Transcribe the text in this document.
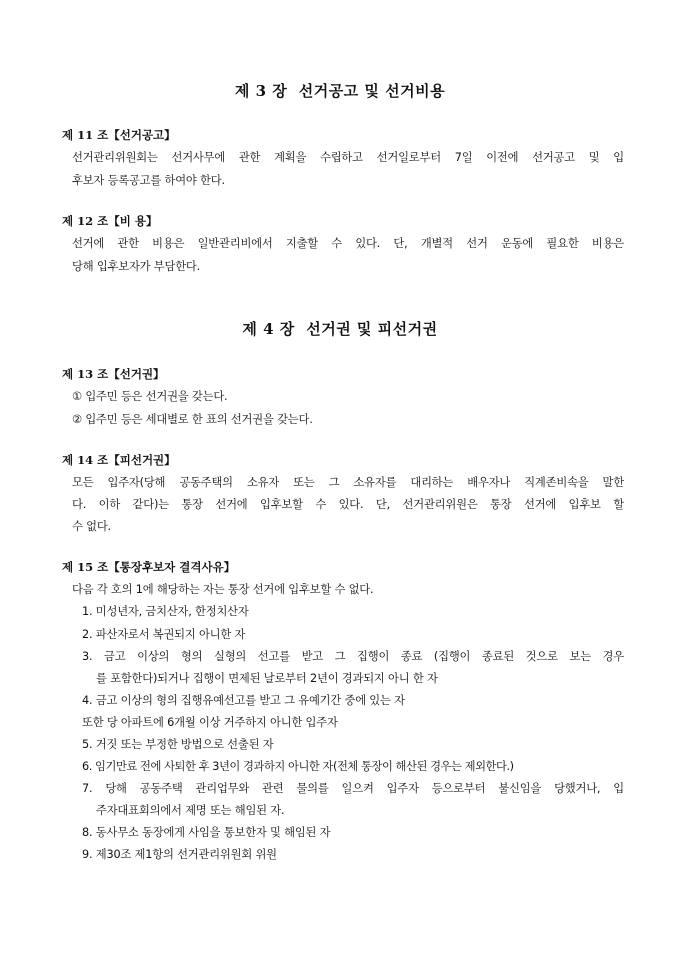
제 3 장  선거공고 및 선거비용
제 11 조【선거공고】
선거관리위원회는 선거사무에 관한 계획을 수립하고 선거일로부터 7일 이전에 선거공고 및 입
후보자 등록공고를 하여야 한다.
제 12 조【비 용】
선거에 관한 비용은 일반관리비에서 지출할 수 있다. 단, 개별적 선거 운동에 필요한 비용은
당해 입후보자가 부담한다.
제 4 장  선거권 및 피선거권
제 13 조【선거권】
① 입주민 등은 선거권을 갖는다.
② 입주민 등은 세대별로 한 표의 선거권을 갖는다.
제 14 조【피선거권】
모든 입주자(당해 공동주택의 소유자 또는 그 소유자를 대리하는 배우자나 직계존비속을 말한
다. 이하 같다)는 통장 선거에 입후보할 수 있다. 단, 선거관리위원은 통장 선거에 입후보 할
수 없다.
제 15 조【통장후보자 결격사유】
다음 각 호의 1에 해당하는 자는 통장 선거에 입후보할 수 없다.
1. 미성년자, 금치산자, 한정치산자
2. 파산자로서 복권되지 아니한 자
3. 금고 이상의 형의 실형의 선고를 받고 그 집행이 종료 (집행이 종료된 것으로 보는 경우
를 포함한다)되거나 집행이 면제된 날로부터 2년이 경과되지 아니 한 자
4. 금고 이상의 형의 집행유예선고를 받고 그 유예기간 중에 있는 자
또한 당 아파트에 6개월 이상 거주하지 아니한 입주자
5. 거짓 또는 부정한 방법으로 선출된 자
6. 임기만료 전에 사퇴한 후 3년이 경과하지 아니한 자(전체 통장이 해산된 경우는 제외한다.)
7. 당해 공동주택 관리업무와 관련 물의를 일으켜 입주자 등으로부터 불신임을 당했거나, 입
주자대표회의에서 제명 또는 해임된 자.
8. 동사무소 동장에게 사임을 통보한자 및 해임된 자
9. 제30조 제1항의 선거관리위원회 위원
